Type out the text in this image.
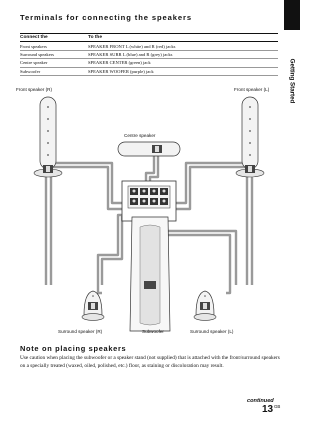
Terminals for connecting the speakers
Getting Started
Connect the	To the
Front speakers	SPEAKER FRONT L (white) and R (red) jacks
Surround speakers	SPEAKER SURR L (blue) and R (grey) jacks
Centre speaker	SPEAKER CENTER (green) jack
Subwoofer	SPEAKER WOOFER (purple) jack
Front speaker (R)	Front speaker (L)
Centre speaker
Surround speaker (R)	Subwoofer	Surround speaker (L)
Note on placing speakers
Use caution when placing the subwoofer or a speaker stand (not supplied) that is attached with the front/surround speakers on a specially treated (waxed, oiled, polished, etc.) floor, as staining or discoloration may result.
continued
13 GB
